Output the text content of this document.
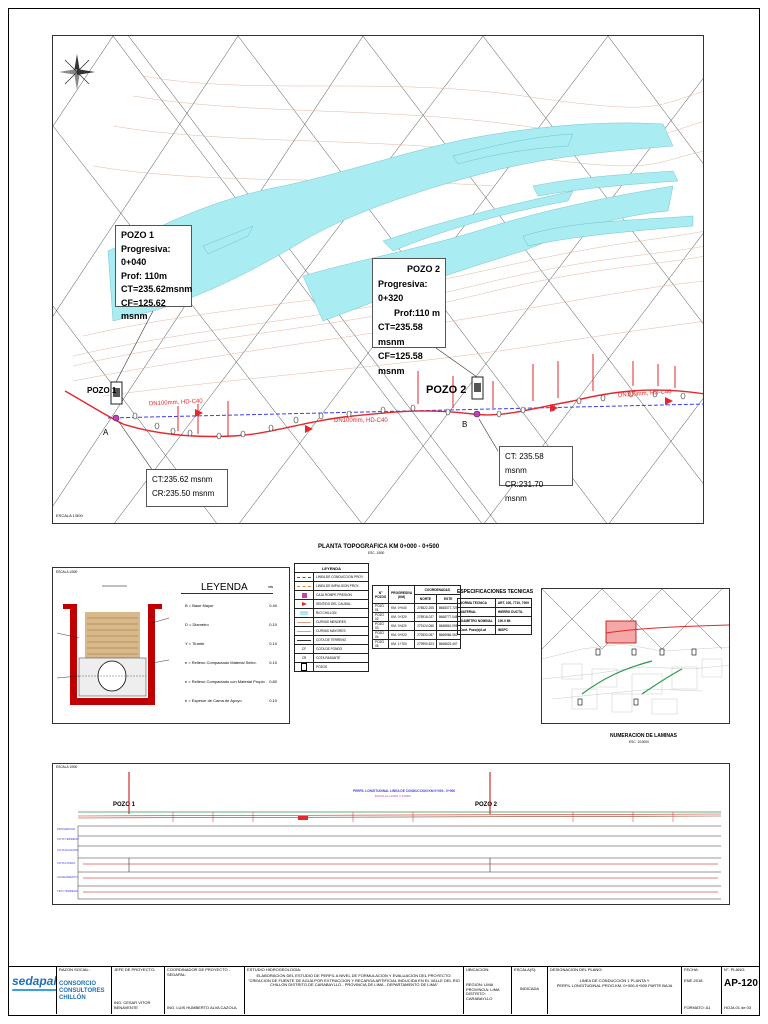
POZO 1
Progresiva: 0+040
Prof: 110m
CT=235.62msnm
CF=125.62 msnm
POZO 2
Progresiva: 0+320
Prof:110 m
CT=235.58 msnm
CF=125.58 msnm
POZO 1	POZO 2
A
B
DN100mm, HD-C40
DN100mm, HD-C40
DN100mm, HD-C40
CT:235.62 msnm
CR:235.50 msnm
CT: 235.58 msnm
CR:231.70 msnm
ESCALA 1/500
PLANTA TOPOGRAFICA KM 0+000 - 0+500
ESC. 1/500
ESCALA 1/500
LEYENDA	mts
B = Base Mayor	0.40
D = Diametro	0.10
Y = Tirante	0.10
e = Relleno Compactado Material Selec.	0.10
e = Relleno Compactado con Material Propio 0.80
e = Espesor de Cama de Apoyo	0.10
LEYENDA	

	LINEA DE CONDUCCION PROY.

	LINEA DE IMPULSION PROY.

	CAJA ROMPE PRESION

	SENTIDO DEL CAUDAL

	RIO CHILLON

	CURVAS MENORES

	CURVAS MAYORES

	COTA DE TERRENO
CF	COTA DE FONDO
CR	COTA RASANTE

	POZOS
N° POZOS	PROGRESIVA (KM)	COORDENADAS	
		NORTE	ESTE
POZO 01	KM. 0+040	278522.205	8668377.729
POZO 02	KM. 0+320	278918.027	8668777.048
POZO 03	KM. 0+620	279124.065	8668861.098
POZO 04	KM. 0+920	279333.057	8668966.062
POZO 05	KM. 1+700	279990.623	8668623.407
ESPECIFICACIONES TECNICAS
NORMA TECNICA	ART. 100, 7710, 7009
MATERIAL	HIERRO DUCTIL
DIAMETRO NOMINAL	100.0 Mt
Cant. Pozo(s)/Lat	IMSPC
NUMERACION DE LAMINAS
ESC. 1/10000
ESCALA 1/500
PERFIL LONGITUDINAL LINEA DE CONDUCCION KM 0+000 - 0+500
ESCALA H:1/500 V:1/5000
POZO 1	POZO 2
PROGRESIVA
COTA TERRENO
COTA RASANTE
COTA FONDO
ALINEAMIENTO
TIPO TERRENO
sedapal
RAZON SOCIAL:
CONSORCIO
CONSULTORES CHILLÓN
JEFE DE PROYECTO:
ING. CESAR VITOR BENAVENTE
COORDINADOR DE PROYECTO - SEDAPAL:
ING. LUIS HUMBERTO ALVA CAZOLA
ESTUDIO HIDROGEOLOGIA:
ELABORACION DEL ESTUDIO DE PERFIL A NIVEL DE FORMULACION Y EVALUACION DEL PROYECTO: "CREACION DE FUENTE DE AGUA POR EXTRACCION Y RECARGA ARTIFICIAL INDUCIDA EN EL VALLE DEL RIO CHILLON DISTRITO DE CARABAYLLO - PROVINCIA DE LIMA - DEPARTAMENTO DE LIMA"
UBICACION:
REGION: LIMA
PROVINCIA: LIMA
DISTRITO: CARABAYLLO
ESCALA(S):
INDICADA
DESIGNACION DEL PLANO:
LINEA DE CONDUCCION 1 PLANTA Y
PERFIL LONGITUDINAL PROG.KM. 0+000-0+500 PARTE BAJA
FECHA:
ENE-2018
FORMATO: A1
N°. PLANO:
AP-120
HOJA 01 de 03
